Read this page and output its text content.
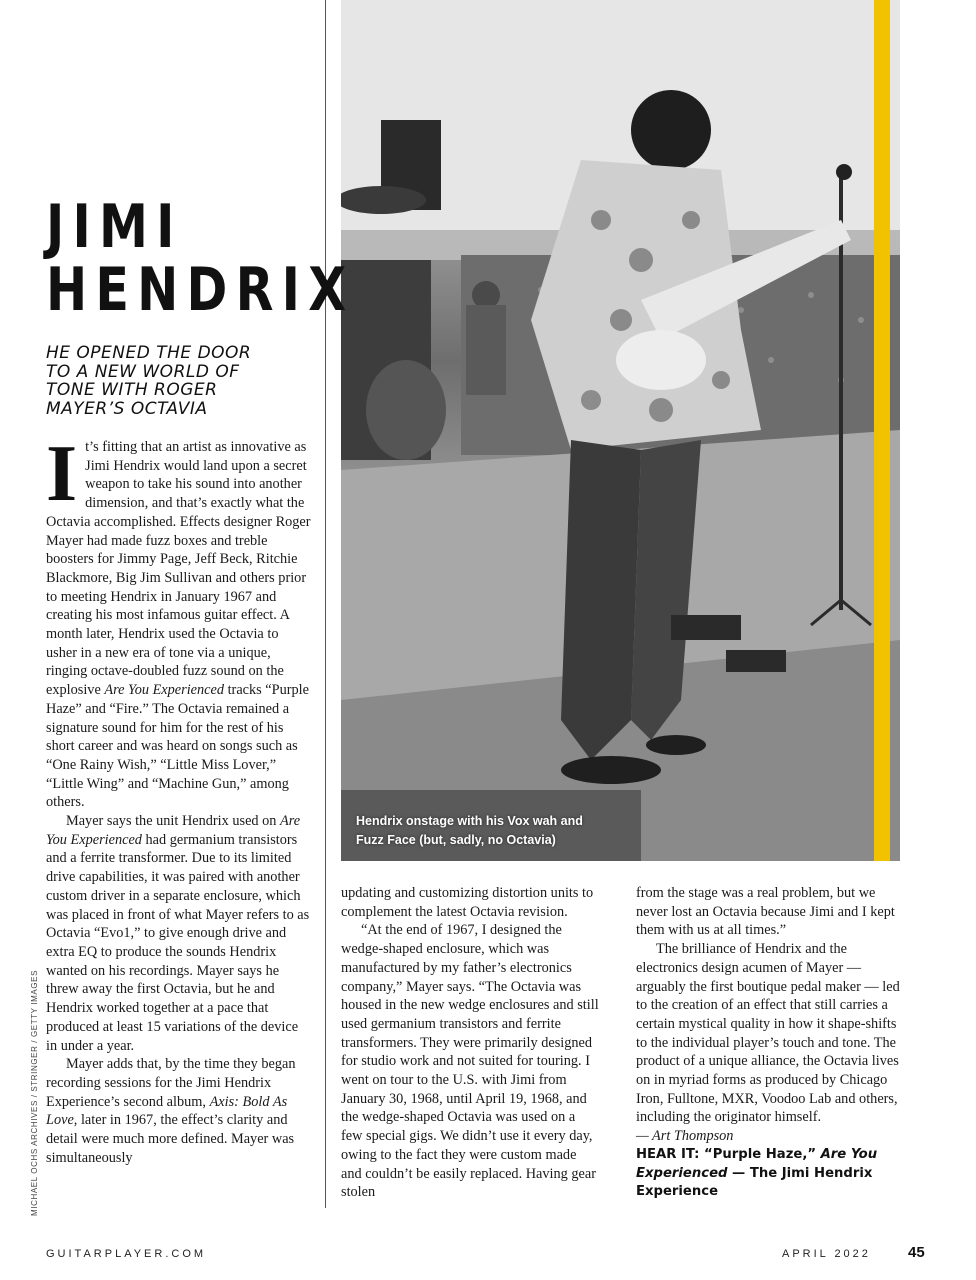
Hendrix onstage with his Vox wah and
Fuzz Face (but, sadly, no Octavia)
JIMI
HENDRIX
HE OPENED THE DOOR
TO A NEW WORLD OF
TONE WITH ROGER
MAYER’S OCTAVIA

It’s fitting that an artist as innovative as Jimi Hendrix would land upon a secret weapon to take his sound into another dimension, and that’s exactly what the Octavia accomplished. Effects designer Roger Mayer had made fuzz boxes and treble boosters for Jimmy Page, Jeff Beck, Ritchie Blackmore, Big Jim Sullivan and others prior to meeting Hendrix in January 1967 and creating his most infamous guitar effect. A month later, Hendrix used the Octavia to usher in a new era of tone via a unique, ringing octave-doubled fuzz sound on the explosive Are You Experienced tracks “Purple Haze” and “Fire.” The Octavia remained a signature sound for him for the rest of his short career and was heard on songs such as “One Rainy Wish,” “Little Miss Lover,” “Little Wing” and “Machine Gun,” among others.

Mayer says the unit Hendrix used on Are You Experienced had germanium transistors and a ferrite transformer. Due to its limited drive capabilities, it was paired with another custom driver in a separate enclosure, which was placed in front of what Mayer refers to as Octavia “Evo1,” to give enough drive and extra EQ to produce the sounds Hendrix wanted on his recordings. Mayer says he threw away the first Octavia, but he and Hendrix worked together at a pace that produced at least 15 variations of the device in under a year.

Mayer adds that, by the time they began recording sessions for the Jimi Hendrix Experience’s second album, Axis: Bold As Love, later in 1967, the effect’s clarity and detail were much more defined. Mayer was simultaneously

updating and customizing distortion units to complement the latest Octavia revision.

“At the end of 1967, I designed the wedge-shaped enclosure, which was manufactured by my father’s electronics company,” Mayer says. “The Octavia was housed in the new wedge enclosures and still used germanium transistors and ferrite transformers. They were primarily designed for studio work and not suited for touring. I went on tour to the U.S. with Jimi from January 30, 1968, until April 19, 1968, and the wedge-shaped Octavia was used on a few special gigs. We didn’t use it every day, owing to the fact they were custom made and couldn’t be easily replaced. Having gear stolen

from the stage was a real problem, but we never lost an Octavia because Jimi and I kept them with us at all times.”

The brilliance of Hendrix and the electronics design acumen of Mayer — arguably the first boutique pedal maker — led to the creation of an effect that still carries a certain mystical quality in how it shape-shifts to the individual player’s touch and tone. The product of a unique alliance, the Octavia lives on in myriad forms as produced by Chicago Iron, Fulltone, MXR, Voodoo Lab and others, including the originator himself.

— Art Thompson

HEAR IT: “Purple Haze,” Are You Experienced — The Jimi Hendrix Experience

MICHAEL OCHS ARCHIVES / STRINGER / GETTY IMAGES
GUITARPLAYER.COM	APRIL 2022 45
